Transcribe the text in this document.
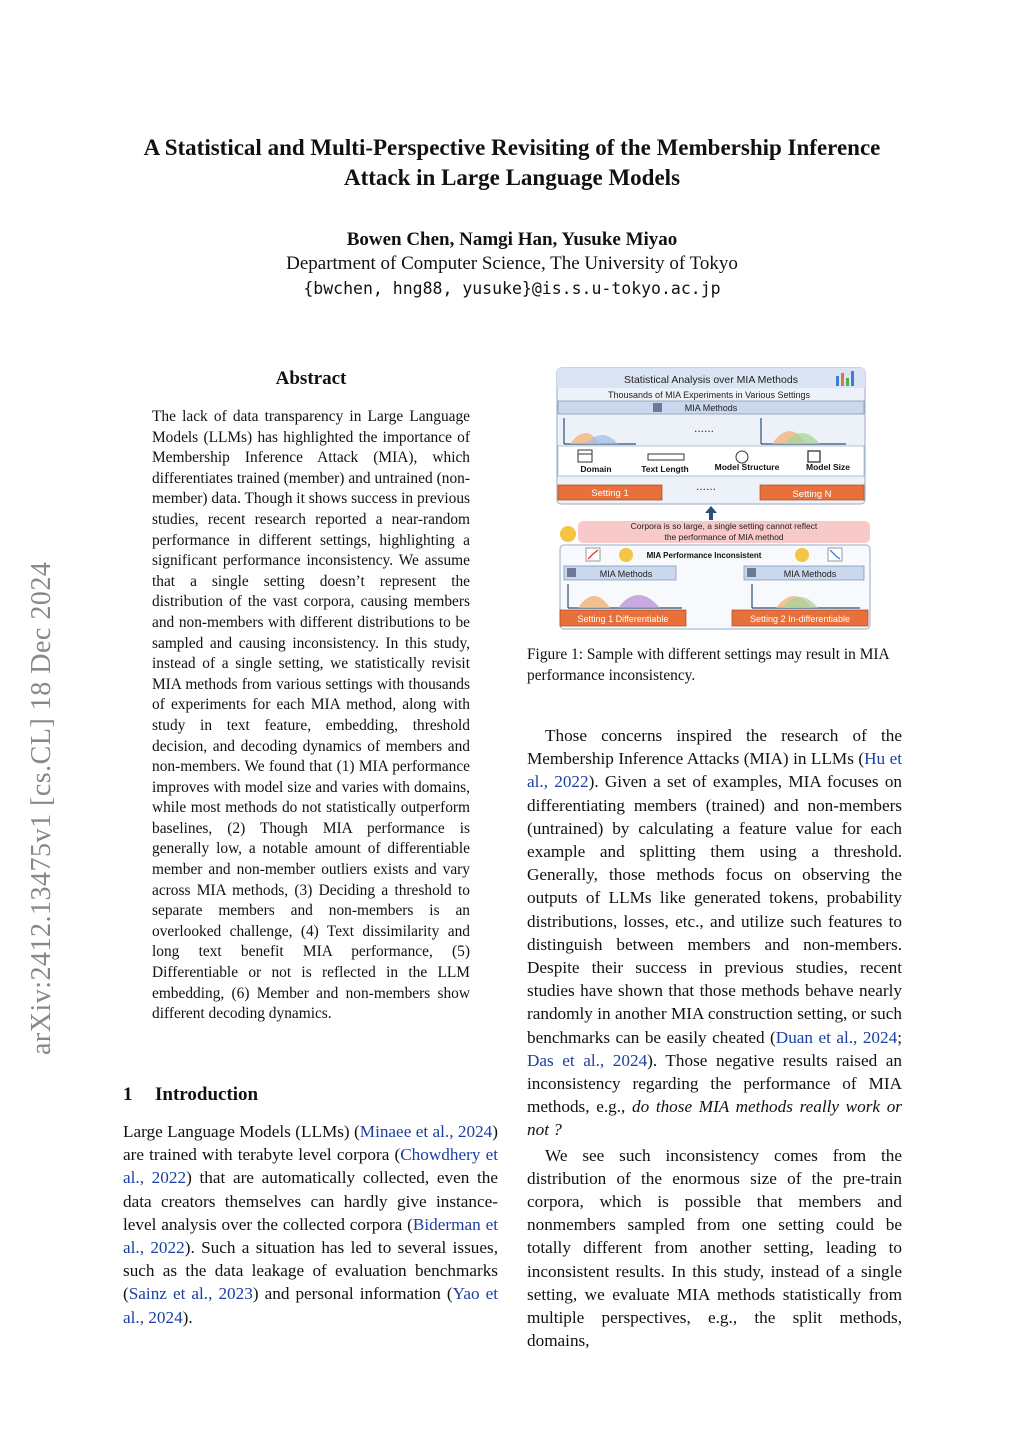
A Statistical and Multi-Perspective Revisiting of the Membership Inference
Attack in Large Language Models
Bowen Chen, Namgi Han, Yusuke Miyao
Department of Computer Science, The University of Tokyo
{bwchen, hng88, yusuke}@is.s.u-tokyo.ac.jp
arXiv:2412.13475v1 [cs.CL] 18 Dec 2024
Abstract
The lack of data transparency in Large Language Models (LLMs) has highlighted the importance of Membership Inference Attack (MIA), which differentiates trained (member) and untrained (non-member) data. Though it shows success in previous studies, recent research reported a near-random performance in different settings, highlighting a significant performance inconsistency. We assume that a single setting doesn’t represent the distribution of the vast corpora, causing members and non-members with different distributions to be sampled and causing inconsistency. In this study, instead of a single setting, we statistically revisit MIA methods from various settings with thousands of experiments for each MIA method, along with study in text feature, embedding, threshold decision, and decoding dynamics of members and non-members. We found that (1) MIA performance improves with model size and varies with domains, while most methods do not statistically outperform baselines, (2) Though MIA performance is generally low, a notable amount of differentiable member and non-member outliers exists and vary across MIA methods, (3) Deciding a threshold to separate members and non-members is an overlooked challenge, (4) Text dissimilarity and long text benefit MIA performance, (5) Differentiable or not is reflected in the LLM embedding, (6) Member and non-members show different decoding dynamics.
1 Introduction
Large Language Models (LLMs) (Minaee et al., 2024) are trained with terabyte level corpora (Chowdhery et al., 2022) that are automatically collected, even the data creators themselves can hardly give instance-level analysis over the collected corpora (Biderman et al., 2022). Such a situation has led to several issues, such as the data leakage of evaluation benchmarks (Sainz et al., 2023) and personal information (Yao et al., 2024).
Statistical Analysis over MIA Methods
Thousands of MIA Experiments in Various Settings
MIA Methods
......
Domain	Text Length	Model Structure	Model Size
Setting 1
......
Setting N
Corpora is so large, a single setting cannot reflect
the performance of MIA method
MIA Performance Inconsistent
MIA Methods	MIA Methods
Setting 1 Differentiable	Setting 2 In-differentiable
Figure 1: Sample with different settings may result in MIA performance inconsistency.

Those concerns inspired the research of the Membership Inference Attacks (MIA) in LLMs (Hu et al., 2022). Given a set of examples, MIA focuses on differentiating members (trained) and non-members (untrained) by calculating a feature value for each example and splitting them using a threshold. Generally, those methods focus on observing the outputs of LLMs like generated tokens, probability distributions, losses, etc., and utilize such features to distinguish between members and non-members. Despite their success in previous studies, recent studies have shown that those methods behave nearly randomly in another MIA construction setting, or such benchmarks can be easily cheated (Duan et al., 2024; Das et al., 2024). Those negative results raised an inconsistency regarding the performance of MIA methods, e.g., do those MIA methods really work or not ?

We see such inconsistency comes from the distribution of the enormous size of the pre-train corpora, which is possible that members and nonmembers sampled from one setting could be totally different from another setting, leading to inconsistent results. In this study, instead of a single setting, we evaluate MIA methods statistically from multiple perspectives, e.g., the split methods, domains,
